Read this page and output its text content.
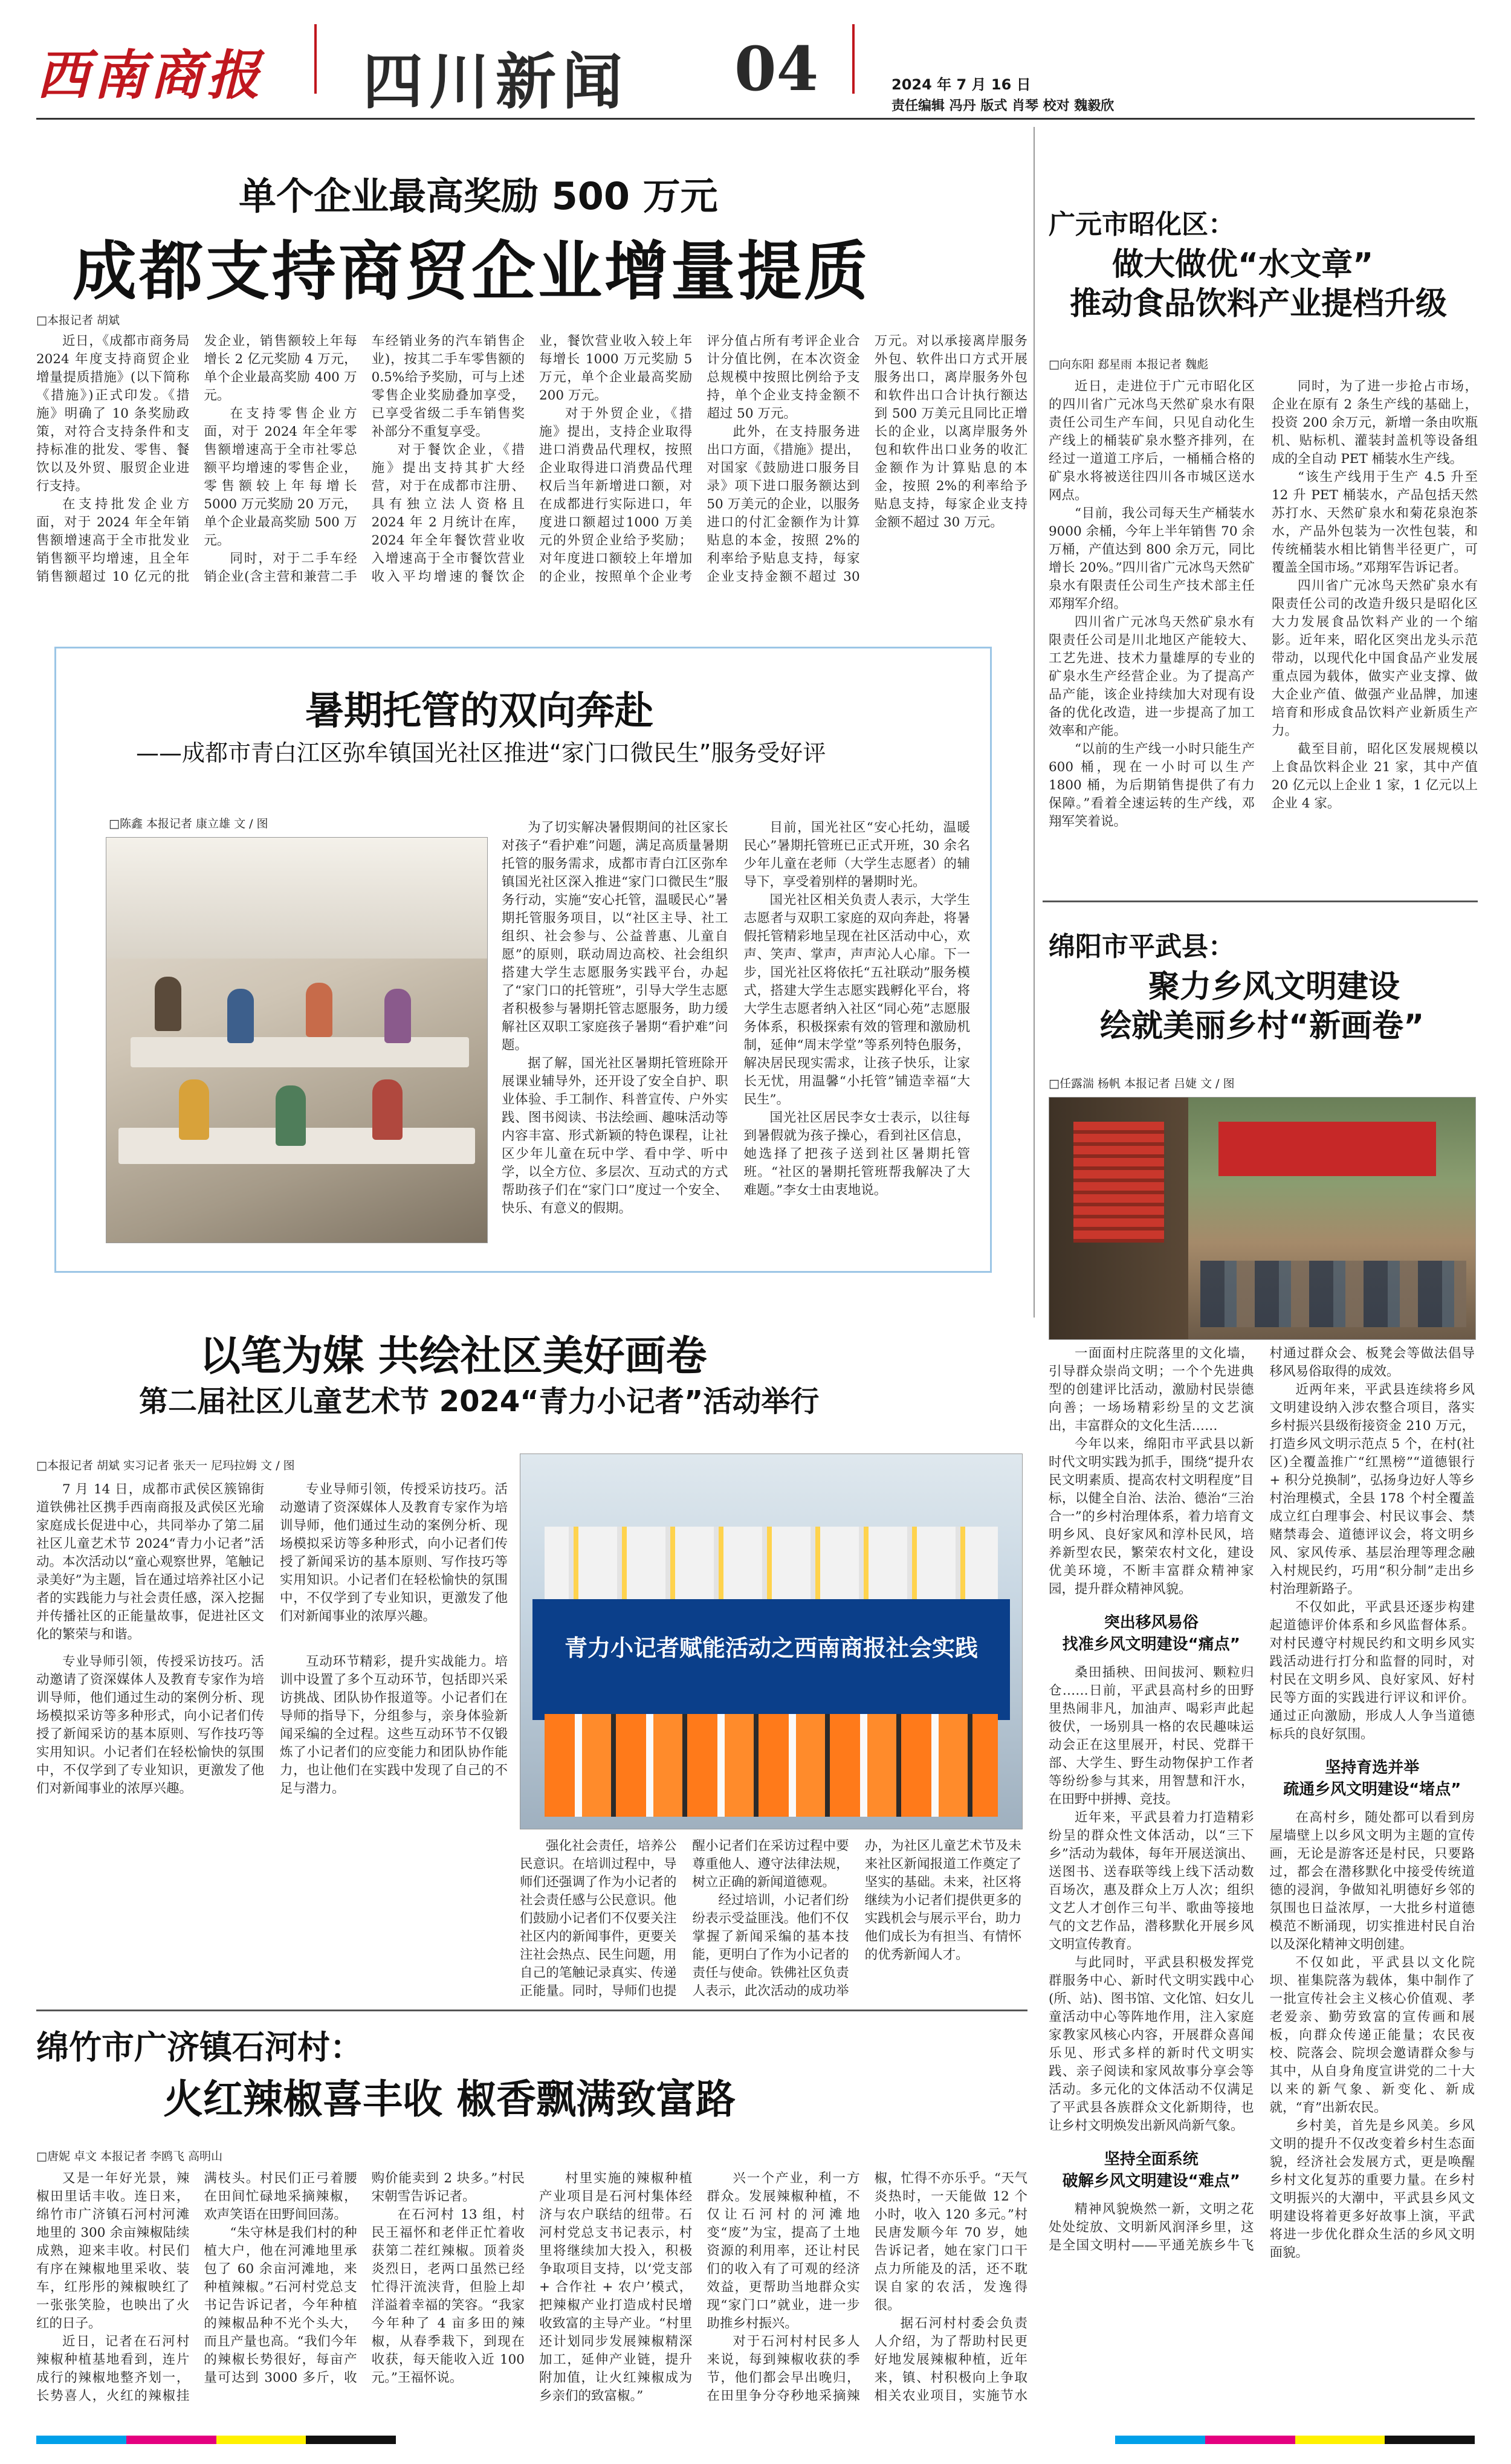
西南商报 四川新闻 04	2024 年 7 月 16 日
责任编辑 冯丹 版式 肖琴 校对 魏毅欣
单个企业最高奖励 500 万元
成都支持商贸企业增量提质
□本报记者 胡斌

近日，《成都市商务局 2024 年度支持商贸企业增量提质措施》(以下简称《措施》)正式印发。《措施》明确了 10 条奖励政策，对符合支持条件和支持标准的批发、零售、餐饮以及外贸、服贸企业进行支持。

在支持批发企业方面，对于 2024 年全年销售额增速高于全市批发业销售额平均增速，且全年销售额超过 10 亿元的批发企业，销售额较上年每增长 2 亿元奖励 4 万元，单个企业最高奖励 400 万元。

在支持零售企业方面，对于 2024 年全年零售额增速高于全市社零总额平均增速的零售企业，零售额较上年每增长 5000 万元奖励 20 万元，单个企业最高奖励 500 万元。

同时，对于二手车经销企业(含主营和兼营二手车经销业务的汽车销售企业)，按其二手车零售额的 0.5%给予奖励，可与上述零售企业奖励叠加享受，已享受省级二手车销售奖补部分不重复享受。

对于餐饮企业，《措施》提出支持其扩大经营，对于在成都市注册、具有独立法人资格且 2024 年 2 月统计在库，2024 年全年餐饮营业收入增速高于全市餐饮营业收入平均增速的餐饮企业，餐饮营业收入较上年每增长 1000 万元奖励 5 万元，单个企业最高奖励 200 万元。

对于外贸企业，《措施》提出，支持企业取得进口消费品代理权，按照企业取得进口消费品代理权后当年新增进口额，对在成都进行实际进口，年度进口额超过1000 万美元的外贸企业给予奖励；对年度进口额较上年增加的企业，按照单个企业考评分值占所有考评企业合计分值比例，在本次资金总规模中按照比例给予支持，单个企业支持金额不超过 50 万元。

此外，在支持服务进出口方面，《措施》提出，对国家《鼓励进口服务目录》项下进口服务额达到 50 万美元的企业，以服务进口的付汇金额作为计算贴息的本金，按照 2%的利率给予贴息支持，每家企业支持金额不超过 30 万元。对以承接离岸服务外包、软件出口方式开展服务出口，离岸服务外包和软件出口合计执行额达到 500 万美元且同比正增长的企业，以离岸服务外包和软件出口业务的收汇金额作为计算贴息的本金，按照 2%的利率给予贴息支持，每家企业支持金额不超过 30 万元。

广元市昭化区：
做大做优“水文章”
推动食品饮料产业提档升级
□向东阳 郄星雨 本报记者 魏彪

近日，走进位于广元市昭化区的四川省广元冰鸟天然矿泉水有限责任公司生产车间，只见自动化生产线上的桶装矿泉水整齐排列，在经过一道道工序后，一桶桶合格的矿泉水将被送往四川各市城区送水网点。

“目前，我公司每天生产桶装水 9000 余桶，今年上半年销售 70 余万桶，产值达到 800 余万元，同比增长 20%。”四川省广元冰鸟天然矿泉水有限责任公司生产技术部主任邓翔军介绍。

四川省广元冰鸟天然矿泉水有限责任公司是川北地区产能较大、工艺先进、技术力量雄厚的专业的矿泉水生产经营企业。为了提高产品产能，该企业持续加大对现有设备的优化改造，进一步提高了加工效率和产能。

“以前的生产线一小时只能生产 600 桶，现在一小时可以生产 1800 桶，为后期销售提供了有力保障。”看着全速运转的生产线，邓翔军笑着说。

同时，为了进一步抢占市场，企业在原有 2 条生产线的基础上，投资 200 余万元，新增一条由吹瓶机、贴标机、灌装封盖机等设备组成的全自动 PET 桶装水生产线。

“该生产线用于生产 4.5 升至 12 升 PET 桶装水，产品包括天然苏打水、天然矿泉水和菊花泉泡茶水，产品外包装为一次性包装，和传统桶装水相比销售半径更广，可覆盖全国市场。”邓翔军告诉记者。

四川省广元冰鸟天然矿泉水有限责任公司的改造升级只是昭化区大力发展食品饮料产业的一个缩影。近年来，昭化区突出龙头示范带动，以现代化中国食品产业发展重点园为载体，做实产业支撑、做大企业产值、做强产业品牌，加速培育和形成食品饮料产业新质生产力。

截至目前，昭化区发展规模以上食品饮料企业 21 家，其中产值 20 亿元以上企业 1 家，1 亿元以上企业 4 家。

暑期托管的双向奔赴
——成都市青白江区弥牟镇国光社区推进“家门口微民生”服务受好评
□陈鑫 本报记者 康立雄 文 / 图	为了切实解决暑假期间的社区家长对孩子“看护难”问题，满足高质量暑期托管的服务需求，成都市青白江区弥牟镇国光社区深入推进“家门口微民生”服务行动，实施“安心托管，温暖民心”暑期托管服务项目，以“社区主导、社工组织、社会参与、公益普惠、儿童自愿”的原则，联动周边高校、社会组织搭建大学生志愿服务实践平台，办起了“家门口的托管班”，引导大学生志愿者积极参与暑期托管志愿服务，助力缓解社区双职工家庭孩子暑期“看护难”问题。

据了解，国光社区暑期托管班除开展课业辅导外，还开设了安全自护、职业体验、手工制作、科普宣传、户外实践、图书阅读、书法绘画、趣味活动等内容丰富、形式新颖的特色课程，让社区少年儿童在玩中学、看中学、听中学，以全方位、多层次、互动式的方式帮助孩子们在“家门口”度过一个安全、快乐、有意义的假期。

目前，国光社区“安心托幼，温暖民心”暑期托管班已正式开班，30 余名少年儿童在老师（大学生志愿者）的辅导下，享受着别样的暑期时光。

国光社区相关负责人表示，大学生志愿者与双职工家庭的双向奔赴，将暑假托管精彩地呈现在社区活动中心，欢声、笑声、掌声，声声沁人心扉。下一步，国光社区将依托“五社联动”服务模式，搭建大学生志愿实践孵化平台，将大学生志愿者纳入社区“同心苑”志愿服务体系，积极探索有效的管理和激励机制，延伸“周末学堂”等系列特色服务，解决居民现实需求，让孩子快乐，让家长无忧，用温馨“小托管”铺造幸福“大民生”。

国光社区居民李女士表示，以往每到暑假就为孩子操心，看到社区信息，她选择了把孩子送到社区暑期托管班。“社区的暑期托管班帮我解决了大难题。”李女士由衷地说。

绵阳市平武县：
聚力乡风文明建设
绘就美丽乡村“新画卷”
□任露湍 杨帆 本报记者 吕婕 文 / 图

一面面村庄院落里的文化墙，引导群众崇尚文明；一个个先进典型的创建评比活动，激励村民崇德向善；一场场精彩纷呈的文艺演出，丰富群众的文化生活……

今年以来，绵阳市平武县以新时代文明实践为抓手，围绕“提升农民文明素质、提高农村文明程度”目标，以健全自治、法治、德治“三治合一”的乡村治理体系，着力培育文明乡风、良好家风和淳朴民风，培养新型农民，繁荣农村文化，建设优美环境，不断丰富群众精神家园，提升群众精神风貌。

突出移风易俗
找准乡风文明建设“痛点”

桑田插秧、田间拔河、颗粒归仓……日前，平武县高村乡的田野里热闹非凡，加油声、喝彩声此起彼伏，一场别具一格的农民趣味运动会正在这里展开，村民、党群干部、大学生、野生动物保护工作者等纷纷参与其来，用智慧和汗水，在田野中拼搏、竞技。

近年来，平武县着力打造精彩纷呈的群众性文体活动，以“三下乡”活动为载体，每年开展送演出、送图书、送春联等线上线下活动数百场次，惠及群众上万人次；组织文艺人才创作三句半、歌曲等接地气的文艺作品，潜移默化开展乡风文明宣传教育。

与此同时，平武县积极发挥党群服务中心、新时代文明实践中心(所、站)、图书馆、文化馆、妇女儿童活动中心等阵地作用，注入家庭家教家风核心内容，开展群众喜闻乐见、形式多样的新时代文明实践、亲子阅读和家风故事分享会等活动。多元化的文体活动不仅满足了平武县各族群众文化新期待，也让乡村文明焕发出新风尚新气象。

坚持全面系统
破解乡风文明建设“难点”

精神风貌焕然一新，文明之花处处绽放、文明新风润泽乡里，这是全国文明村——平通羌族乡牛飞村通过群众会、板凳会等做法倡导移风易俗取得的成效。

近两年来，平武县连续将乡风文明建设纳入涉农整合项目，落实乡村振兴县级衔接资金 210 万元，打造乡风文明示范点 5 个，在村(社区)全覆盖推广“红黑榜”“道德银行 + 积分兑换制”，弘扬身边好人等乡村治理模式，全县 178 个村全覆盖成立红白理事会、村民议事会、禁赌禁毒会、道德评议会，将文明乡风、家风传承、基层治理等理念融入村规民约，巧用“积分制”走出乡村治理新路子。

不仅如此，平武县还逐步构建起道德评价体系和乡风监督体系。对村民遵守村规民约和文明乡风实践活动进行打分和监督的同时，对村民在文明乡风、良好家风、好村民等方面的实践进行评议和评价。通过正向激励，形成人人争当道德标兵的良好氛围。

坚持育选并举
疏通乡风文明建设“堵点”

在高村乡，随处都可以看到房屋墙壁上以乡风文明为主题的宣传画，无论是游客还是村民，只要路过，都会在潜移默化中接受传统道德的浸润，争做知礼明德好乡邻的氛围也日益浓厚，一大批乡村道德模范不断涌现，切实推进村民自治以及深化精神文明创建。

不仅如此，平武县以文化院坝、崔集院落为载体，集中制作了一批宣传社会主义核心价值观、孝老爱亲、勤劳致富的宣传画和展板，向群众传递正能量；农民夜校、院落会、院坝会邀请群众参与其中，从自身角度宣讲党的二十大以来的新气象、新变化、新成就，“育”出新农民。

乡村美，首先是乡风美。乡风文明的提升不仅改变着乡村生态面貌，经济社会发展方式，更是唤醒乡村文化复苏的重要力量。在乡村文明振兴的大潮中，平武县乡风文明建设将着更多好故事上演，平武将进一步优化群众生活的乡风文明面貌。

以笔为媒 共绘社区美好画卷
第二届社区儿童艺术节 2024“青力小记者”活动举行
□本报记者 胡斌 实习记者 张天一 尼玛拉姆 文 / 图
青力小记者赋能活动之西南商报社会实践

7 月 14 日，成都市武侯区簇锦街道铁佛社区携手西南商报及武侯区光瑜家庭成长促进中心，共同举办了第二届社区儿童艺术节 2024“青力小记者”活动。本次活动以“童心观察世界，笔触记录美好”为主题，旨在通过培养社区小记者的实践能力与社会责任感，深入挖掘并传播社区的正能量故事，促进社区文化的繁荣与和谐。

专业导师引领，传授采访技巧。活动邀请了资深媒体人及教育专家作为培训导师，他们通过生动的案例分析、现场模拟采访等多种形式，向小记者们传授了新闻采访的基本原则、写作技巧等实用知识。小记者们在轻松愉快的氛围中，不仅学到了专业知识，更激发了他们对新闻事业的浓厚兴趣。

专业导师引领，传授采访技巧。活动邀请了资深媒体人及教育专家作为培训导师，他们通过生动的案例分析、现场模拟采访等多种形式，向小记者们传授了新闻采访的基本原则、写作技巧等实用知识。小记者们在轻松愉快的氛围中，不仅学到了专业知识，更激发了他们对新闻事业的浓厚兴趣。

互动环节精彩，提升实战能力。培训中设置了多个互动环节，包括即兴采访挑战、团队协作报道等。小记者们在导师的指导下，分组参与，亲身体验新闻采编的全过程。这些互动环节不仅锻炼了小记者们的应变能力和团队协作能力，也让他们在实践中发现了自己的不足与潜力。

强化社会责任，培养公民意识。在培训过程中，导师们还强调了作为小记者的社会责任感与公民意识。他们鼓励小记者们不仅要关注社区内的新闻事件，更要关注社会热点、民生问题，用自己的笔触记录真实、传递正能量。同时，导师们也提醒小记者们在采访过程中要尊重他人、遵守法律法规，树立正确的新闻道德观。

经过培训，小记者们纷纷表示受益匪浅。他们不仅掌握了新闻采编的基本技能，更明白了作为小记者的责任与使命。铁佛社区负责人表示，此次活动的成功举办，为社区儿童艺术节及未来社区新闻报道工作奠定了坚实的基础。未来，社区将继续为小记者们提供更多的实践机会与展示平台，助力他们成长为有担当、有情怀的优秀新闻人才。

绵竹市广济镇石河村：
火红辣椒喜丰收 椒香飘满致富路
□唐妮 卓文 本报记者 李鸥飞 高明山

又是一年好光景，辣椒田里话丰收。连日来，绵竹市广济镇石河村河滩地里的 300 余亩辣椒陆续成熟，迎来丰收。村民们有序在辣椒地里采收、装车，红彤彤的辣椒映红了一张张笑脸，也映出了火红的日子。

近日，记者在石河村辣椒种植基地看到，连片成行的辣椒地整齐划一，长势喜人，火红的辣椒挂满枝头。村民们正弓着腰在田间忙碌地采摘辣椒，欢声笑语在田野间回荡。

“朱守林是我们村的种植大户，他在河滩地里承包了 60 余亩河滩地，来种植辣椒。”石河村党总支书记告诉记者，今年种植的辣椒品种不光个头大，而且产量也高。“我们今年的辣椒长势很好，每亩产量可达到 3000 多斤，收购价能卖到 2 块多。”村民宋朝雪告诉记者。

在石河村 13 组，村民王福怀和老伴正忙着收获第二茬红辣椒。顶着炎炎烈日，老两口虽然已经忙得汗流浃背，但脸上却洋溢着幸福的笑容。“我家今年种了 4 亩多田的辣椒，从春季栽下，到现在收获，每天能收入近 100 元。”王福怀说。

村里实施的辣椒种植产业项目是石河村集体经济与农户联结的纽带。石河村党总支书记表示，村里将继续加大投入，积极争取项目支持，以‘党支部 + 合作社 + 农户’模式，把辣椒产业打造成村民增收致富的主导产业。“村里还计划同步发展辣椒精深加工，延伸产业链，提升附加值，让火红辣椒成为乡亲们的致富椒。”

兴一个产业，利一方群众。发展辣椒种植，不仅让石河村的河滩地变“废”为宝，提高了土地资源的利用率，还让村民们的收入有了可观的经济效益，更帮助当地群众实现“家门口”就业，进一步助推乡村振兴。

对于石河村村民多人来说，每到辣椒收获的季节，他们都会早出晚归，在田里争分夺秒地采摘辣椒，忙得不亦乐乎。“天气炎热时，一天能做 12 个小时，收入 120 多元。”村民唐发顺今年 70 岁，她告诉记者，她在家门口干点力所能及的活，还不耽误自家的农活，发逸得很。

据石河村村委会负责人介绍，为了帮助村民更好地发展辣椒种植，近年来，镇、村积极向上争取相关农业项目，实施节水
